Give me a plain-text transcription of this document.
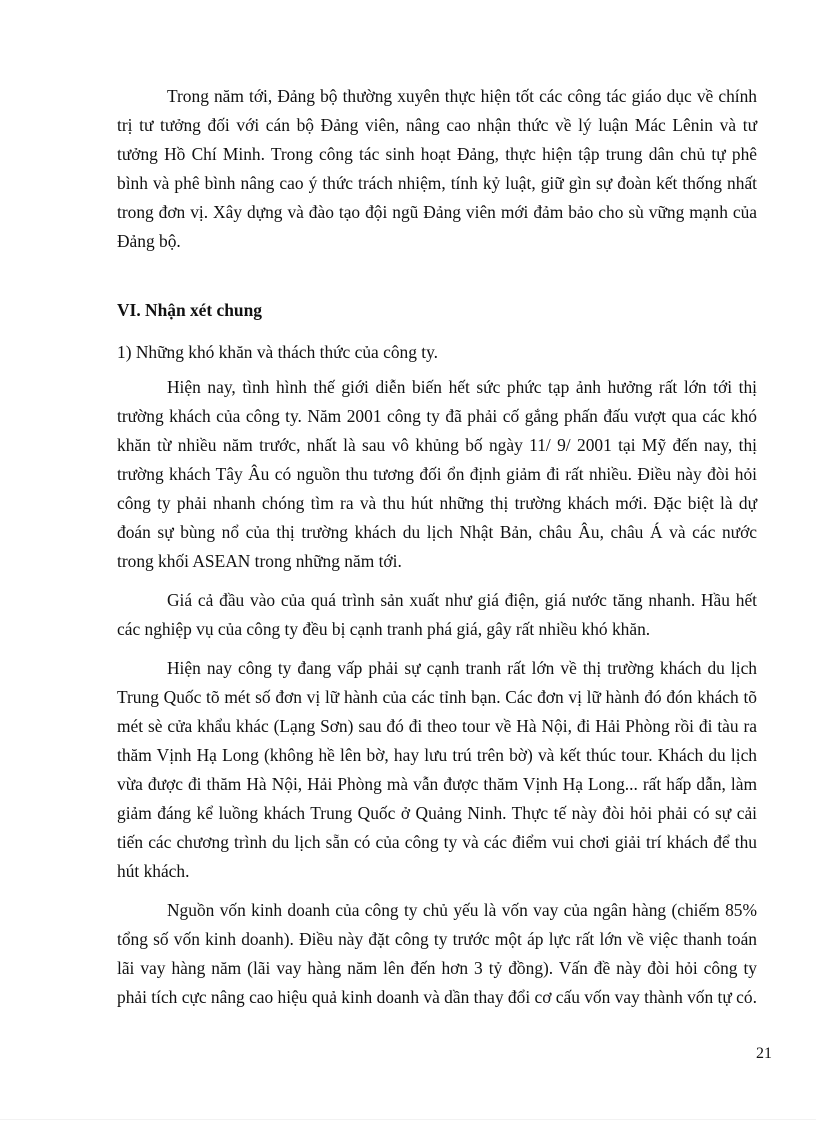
Trong năm tới, Đảng bộ thường xuyên thực hiện tốt các công tác giáo dục về chính trị tư tưởng đối với cán bộ Đảng viên, nâng cao nhận thức về lý luận Mác Lênin và tư tưởng Hồ Chí Minh. Trong công tác sinh hoạt Đảng, thực hiện tập trung dân chủ tự phê bình và phê bình nâng cao ý thức trách nhiệm, tính kỷ luật, giữ gìn sự đoàn kết thống nhất trong đơn vị. Xây dựng và đào tạo đội ngũ Đảng viên mới đảm bảo cho sù vững mạnh của Đảng bộ.

VI. Nhận xét chung

1) Những khó khăn và thách thức của công ty.

Hiện nay, tình hình thế giới diễn biến hết sức phức tạp ảnh hưởng rất lớn tới thị trường khách của công ty. Năm 2001 công ty đã phải cố gắng phấn đấu vượt qua các khó khăn từ nhiều năm trước, nhất là sau vô khủng bố ngày 11/ 9/ 2001 tại Mỹ đến nay, thị trường khách Tây Âu có nguồn thu tương đối ổn định giảm đi rất nhiều. Điều này đòi hỏi công ty phải nhanh chóng tìm ra và thu hút những thị trường khách mới. Đặc biệt là dự đoán sự bùng nổ của thị trường khách du lịch Nhật Bản, châu Âu, châu Á và các nước trong khối ASEAN trong những năm tới.

Giá cả đầu vào của quá trình sản xuất như giá điện, giá nước tăng nhanh. Hầu hết các nghiệp vụ của công ty đều bị cạnh tranh phá giá, gây rất nhiều khó khăn.

Hiện nay công ty đang vấp phải sự cạnh tranh rất lớn về thị trường khách du lịch Trung Quốc tõ mét số đơn vị lữ hành của các tỉnh bạn. Các đơn vị lữ hành đó đón khách tõ mét sè cửa khẩu khác (Lạng Sơn) sau đó đi theo tour về Hà Nội, đi Hải Phòng rồi đi tàu ra thăm Vịnh Hạ Long (không hề lên bờ, hay lưu trú trên bờ) và kết thúc tour. Khách du lịch vừa được đi thăm Hà Nội, Hải Phòng mà vẫn được thăm Vịnh Hạ Long... rất hấp dẫn, làm giảm đáng kể luồng khách Trung Quốc ở Quảng Ninh. Thực tế này đòi hỏi phải có sự cải tiến các chương trình du lịch sẵn có của công ty và các điểm vui chơi giải trí khách để thu hút khách.

Nguồn vốn kinh doanh của công ty chủ yếu là vốn vay của ngân hàng (chiếm 85% tổng số vốn kinh doanh). Điều này đặt công ty trước một áp lực rất lớn về việc thanh toán lãi vay hàng năm (lãi vay hàng năm lên đến hơn 3 tỷ đồng). Vấn đề này đòi hỏi công ty phải tích cực nâng cao hiệu quả kinh doanh và dần thay đổi cơ cấu vốn vay thành vốn tự có.

21
